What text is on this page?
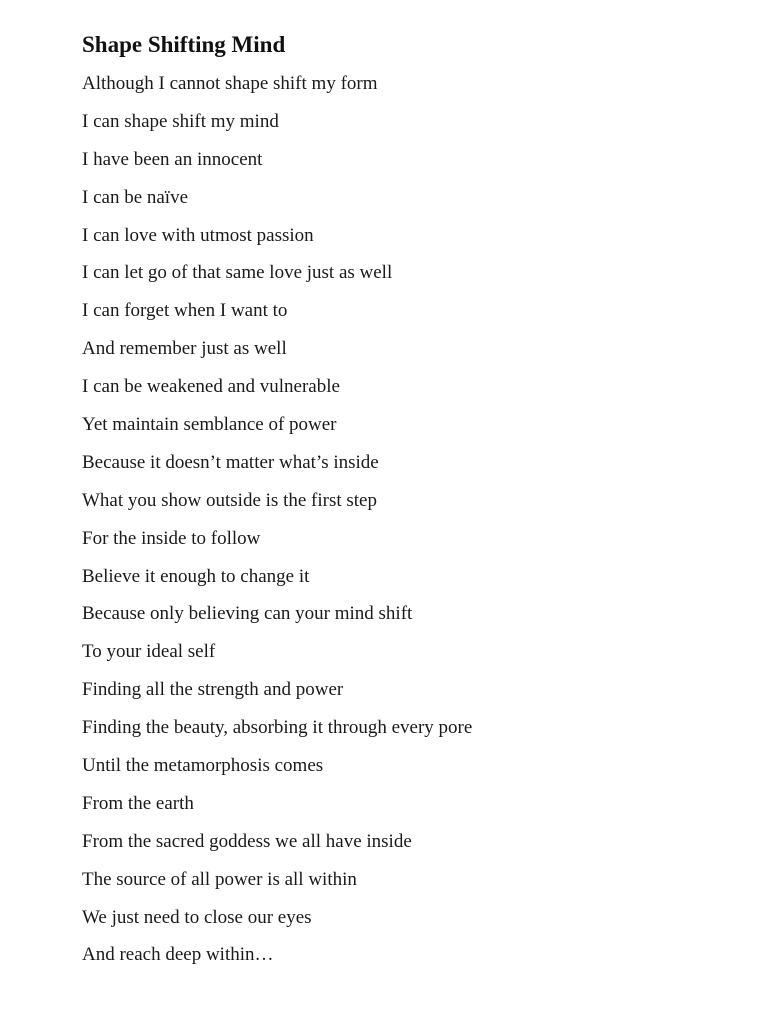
Shape Shifting Mind
Although I cannot shape shift my form
I can shape shift my mind
I have been an innocent
I can be naïve
I can love with utmost passion
I can let go of that same love just as well
I can forget when I want to
And remember just as well
I can be weakened and vulnerable
Yet maintain semblance of power
Because it doesn’t matter what’s inside
What you show outside is the first step
For the inside to follow
Believe it enough to change it
Because only believing can your mind shift
To your ideal self
Finding all the strength and power
Finding the beauty, absorbing it through every pore
Until the metamorphosis comes
From the earth
From the sacred goddess we all have inside
The source of all power is all within
We just need to close our eyes
And reach deep within…
